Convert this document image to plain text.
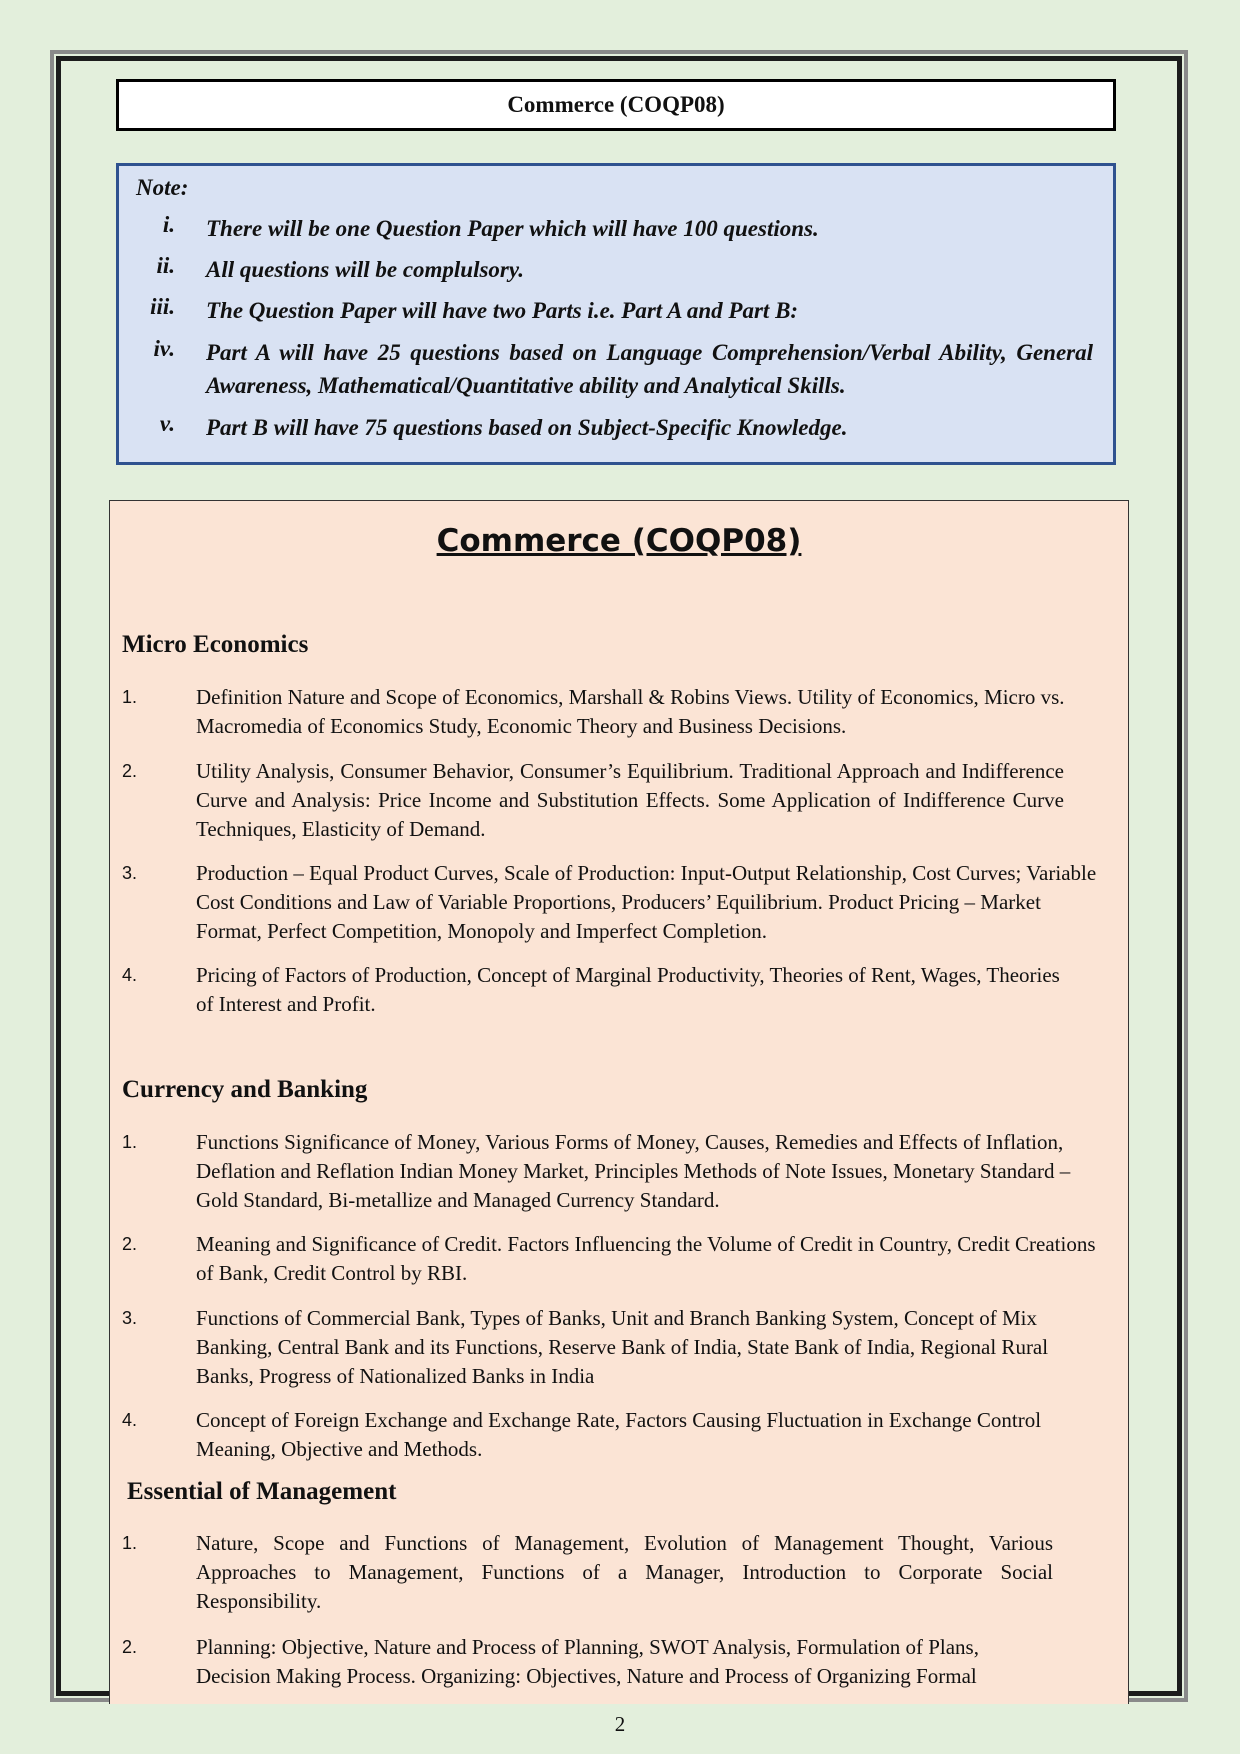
Commerce (COQP08)
Note:
i. There will be one Question Paper which will have 100 questions.
ii. All questions will be complulsory.
iii. The Question Paper will have two Parts i.e. Part A and Part B:
iv. Part A will have 25 questions based on Language Comprehension/Verbal Ability, General Awareness, Mathematical/Quantitative ability and Analytical Skills.
v. Part B will have 75 questions based on Subject-Specific Knowledge.
Commerce (COQP08)
Micro Economics
1.	Definition Nature and Scope of Economics, Marshall & Robins Views. Utility of Economics, Micro vs. Macromedia of Economics Study, Economic Theory and Business Decisions.
2.	Utility Analysis, Consumer Behavior, Consumer’s Equilibrium. Traditional Approach and Indifference Curve and Analysis: Price Income and Substitution Effects. Some Application of Indifference Curve Techniques, Elasticity of Demand.
3.	Production – Equal Product Curves, Scale of Production: Input-Output Relationship, Cost Curves; Variable Cost Conditions and Law of Variable Proportions, Producers’ Equilibrium. Product Pricing – Market Format, Perfect Competition, Monopoly and Imperfect Completion.
4.	Pricing of Factors of Production, Concept of Marginal Productivity, Theories of Rent, Wages, Theories of Interest and Profit.
Currency and Banking
1.	Functions Significance of Money, Various Forms of Money, Causes, Remedies and Effects of Inflation, Deflation and Reflation Indian Money Market, Principles Methods of Note Issues, Monetary Standard – Gold Standard, Bi-metallize and Managed Currency Standard.
2.	Meaning and Significance of Credit. Factors Influencing the Volume of Credit in Country, Credit Creations of Bank, Credit Control by RBI.
3.	Functions of Commercial Bank, Types of Banks, Unit and Branch Banking System, Concept of Mix Banking, Central Bank and its Functions, Reserve Bank of India, State Bank of India, Regional Rural Banks, Progress of Nationalized Banks in India
4.	Concept of Foreign Exchange and Exchange Rate, Factors Causing Fluctuation in Exchange Control Meaning, Objective and Methods.
Essential of Management
1.	Nature, Scope and Functions of Management, Evolution of Management Thought, Various Approaches to Management, Functions of a Manager, Introduction to Corporate Social Responsibility.
2.	Planning: Objective, Nature and Process of Planning, SWOT Analysis, Formulation of Plans, Decision Making Process. Organizing: Objectives, Nature and Process of Organizing Formal
2
